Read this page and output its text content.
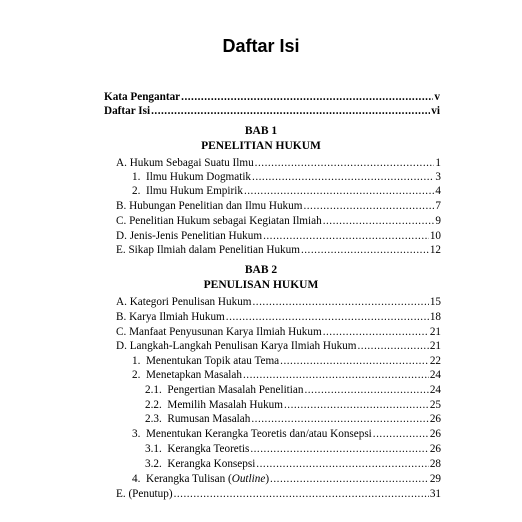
Daftar Isi
Kata Pengantar .....	v
Daftar Isi .....	vi
BAB 1
PENELITIAN HUKUM
A. Hukum Sebagai Suatu Ilmu .....	1
1. Ilmu Hukum Dogmatik .....	3
2. Ilmu Hukum Empirik .....	4
B. Hubungan Penelitian dan Ilmu Hukum .....	7
C. Penelitian Hukum sebagai Kegiatan Ilmiah .....	9
D. Jenis-Jenis Penelitian Hukum .....	10
E. Sikap Ilmiah dalam Penelitian Hukum .....	12
BAB 2
PENULISAN HUKUM
A. Kategori Penulisan Hukum .....	15
B. Karya Ilmiah Hukum .....	18
C. Manfaat Penyusunan Karya Ilmiah Hukum .....	21
D. Langkah-Langkah Penulisan Karya Ilmiah Hukum .....	21
1. Menentukan Topik atau Tema .....	22
2. Menetapkan Masalah .....	24
2.1. Pengertian Masalah Penelitian .....	24
2.2. Memilih Masalah Hukum .....	25
2.3. Rumusan Masalah .....	26
3. Menentukan Kerangka Teoretis dan/atau Konsepsi .....	26
3.1. Kerangka Teoretis .....	26
3.2. Kerangka Konsepsi .....	28
4. Kerangka Tulisan (Outline) .....	29
E. (Penutup) .....	31
